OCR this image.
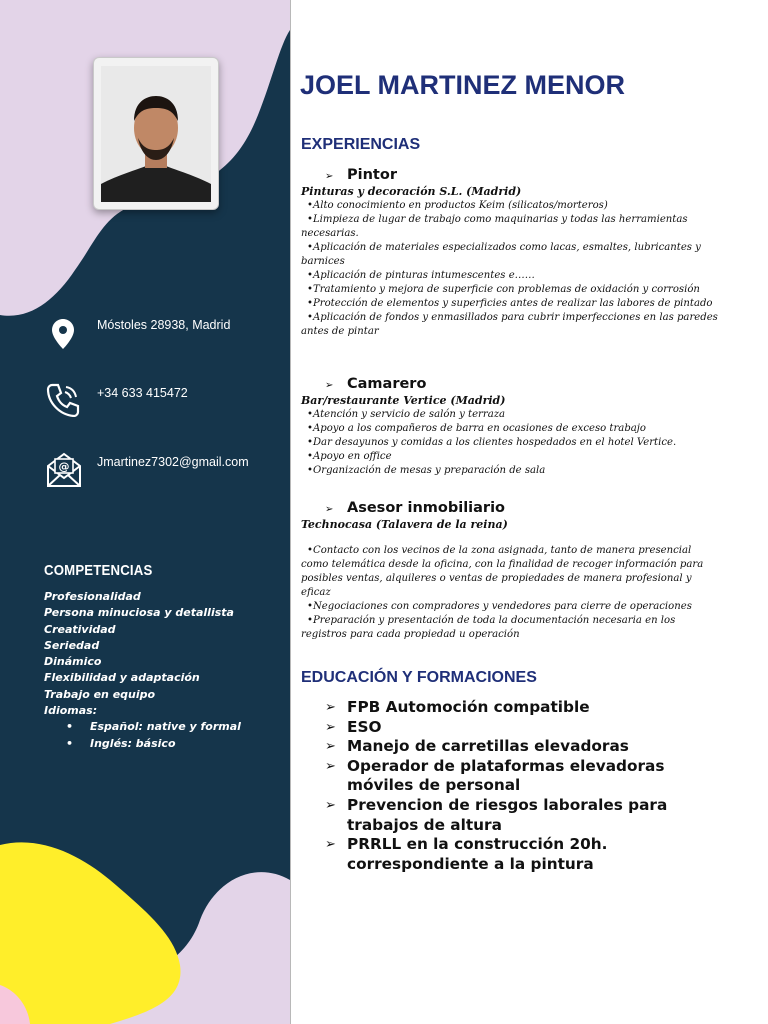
Móstoles 28938, Madrid
+34 633 415472
@ Jmartinez7302@gmail.com
COMPETENCIAS
Profesionalidad
Persona minuciosa y detallista
Creatividad
Seriedad
Dinámico
Flexibilidad y adaptación
Trabajo en equipo
Idiomas:
• Español: native y formal
• Inglés: básico
JOEL MARTINEZ MENOR
EXPERIENCIAS
➢ Pintor
Pinturas y decoración S.L. (Madrid)
• Alto conocimiento en productos Keim (silicatos/morteros)
• Limpieza de lugar de trabajo como maquinarias y todas las herramientas necesarias.
• Aplicación de materiales especializados como lacas, esmaltes, lubricantes y barnices
• Aplicación de pinturas intumescentes e……
• Tratamiento y mejora de superficie con problemas de oxidación y corrosión
• Protección de elementos y superficies antes de realizar las labores de pintado
• Aplicación de fondos y enmasillados para cubrir imperfecciones en las paredes antes de pintar
➢ Camarero
Bar/restaurante Vertice (Madrid)
• Atención y servicio de salón y terraza
• Apoyo a los compañeros de barra en ocasiones de exceso trabajo
• Dar desayunos y comidas a los clientes hospedados en el hotel Vertice.
• Apoyo en office
• Organización de mesas y preparación de sala
➢ Asesor inmobiliario
Technocasa (Talavera de la reina)
• Contacto con los vecinos de la zona asignada, tanto de manera presencial como telemática desde la oficina, con la finalidad de recoger información para posibles ventas, alquileres o ventas de propiedades de manera profesional y eficaz
• Negociaciones con compradores y vendedores para cierre de operaciones
• Preparación y presentación de toda la documentación necesaria en los registros para cada propiedad u operación
EDUCACIÓN Y FORMACIONES
➢ FPB Automoción compatible
➢ ESO
➢ Manejo de carretillas elevadoras
➢ Operador de plataformas elevadoras móviles de personal
➢ Prevencion de riesgos laborales para trabajos de altura
➢ PRRLL en la construcción 20h. correspondiente a la pintura
